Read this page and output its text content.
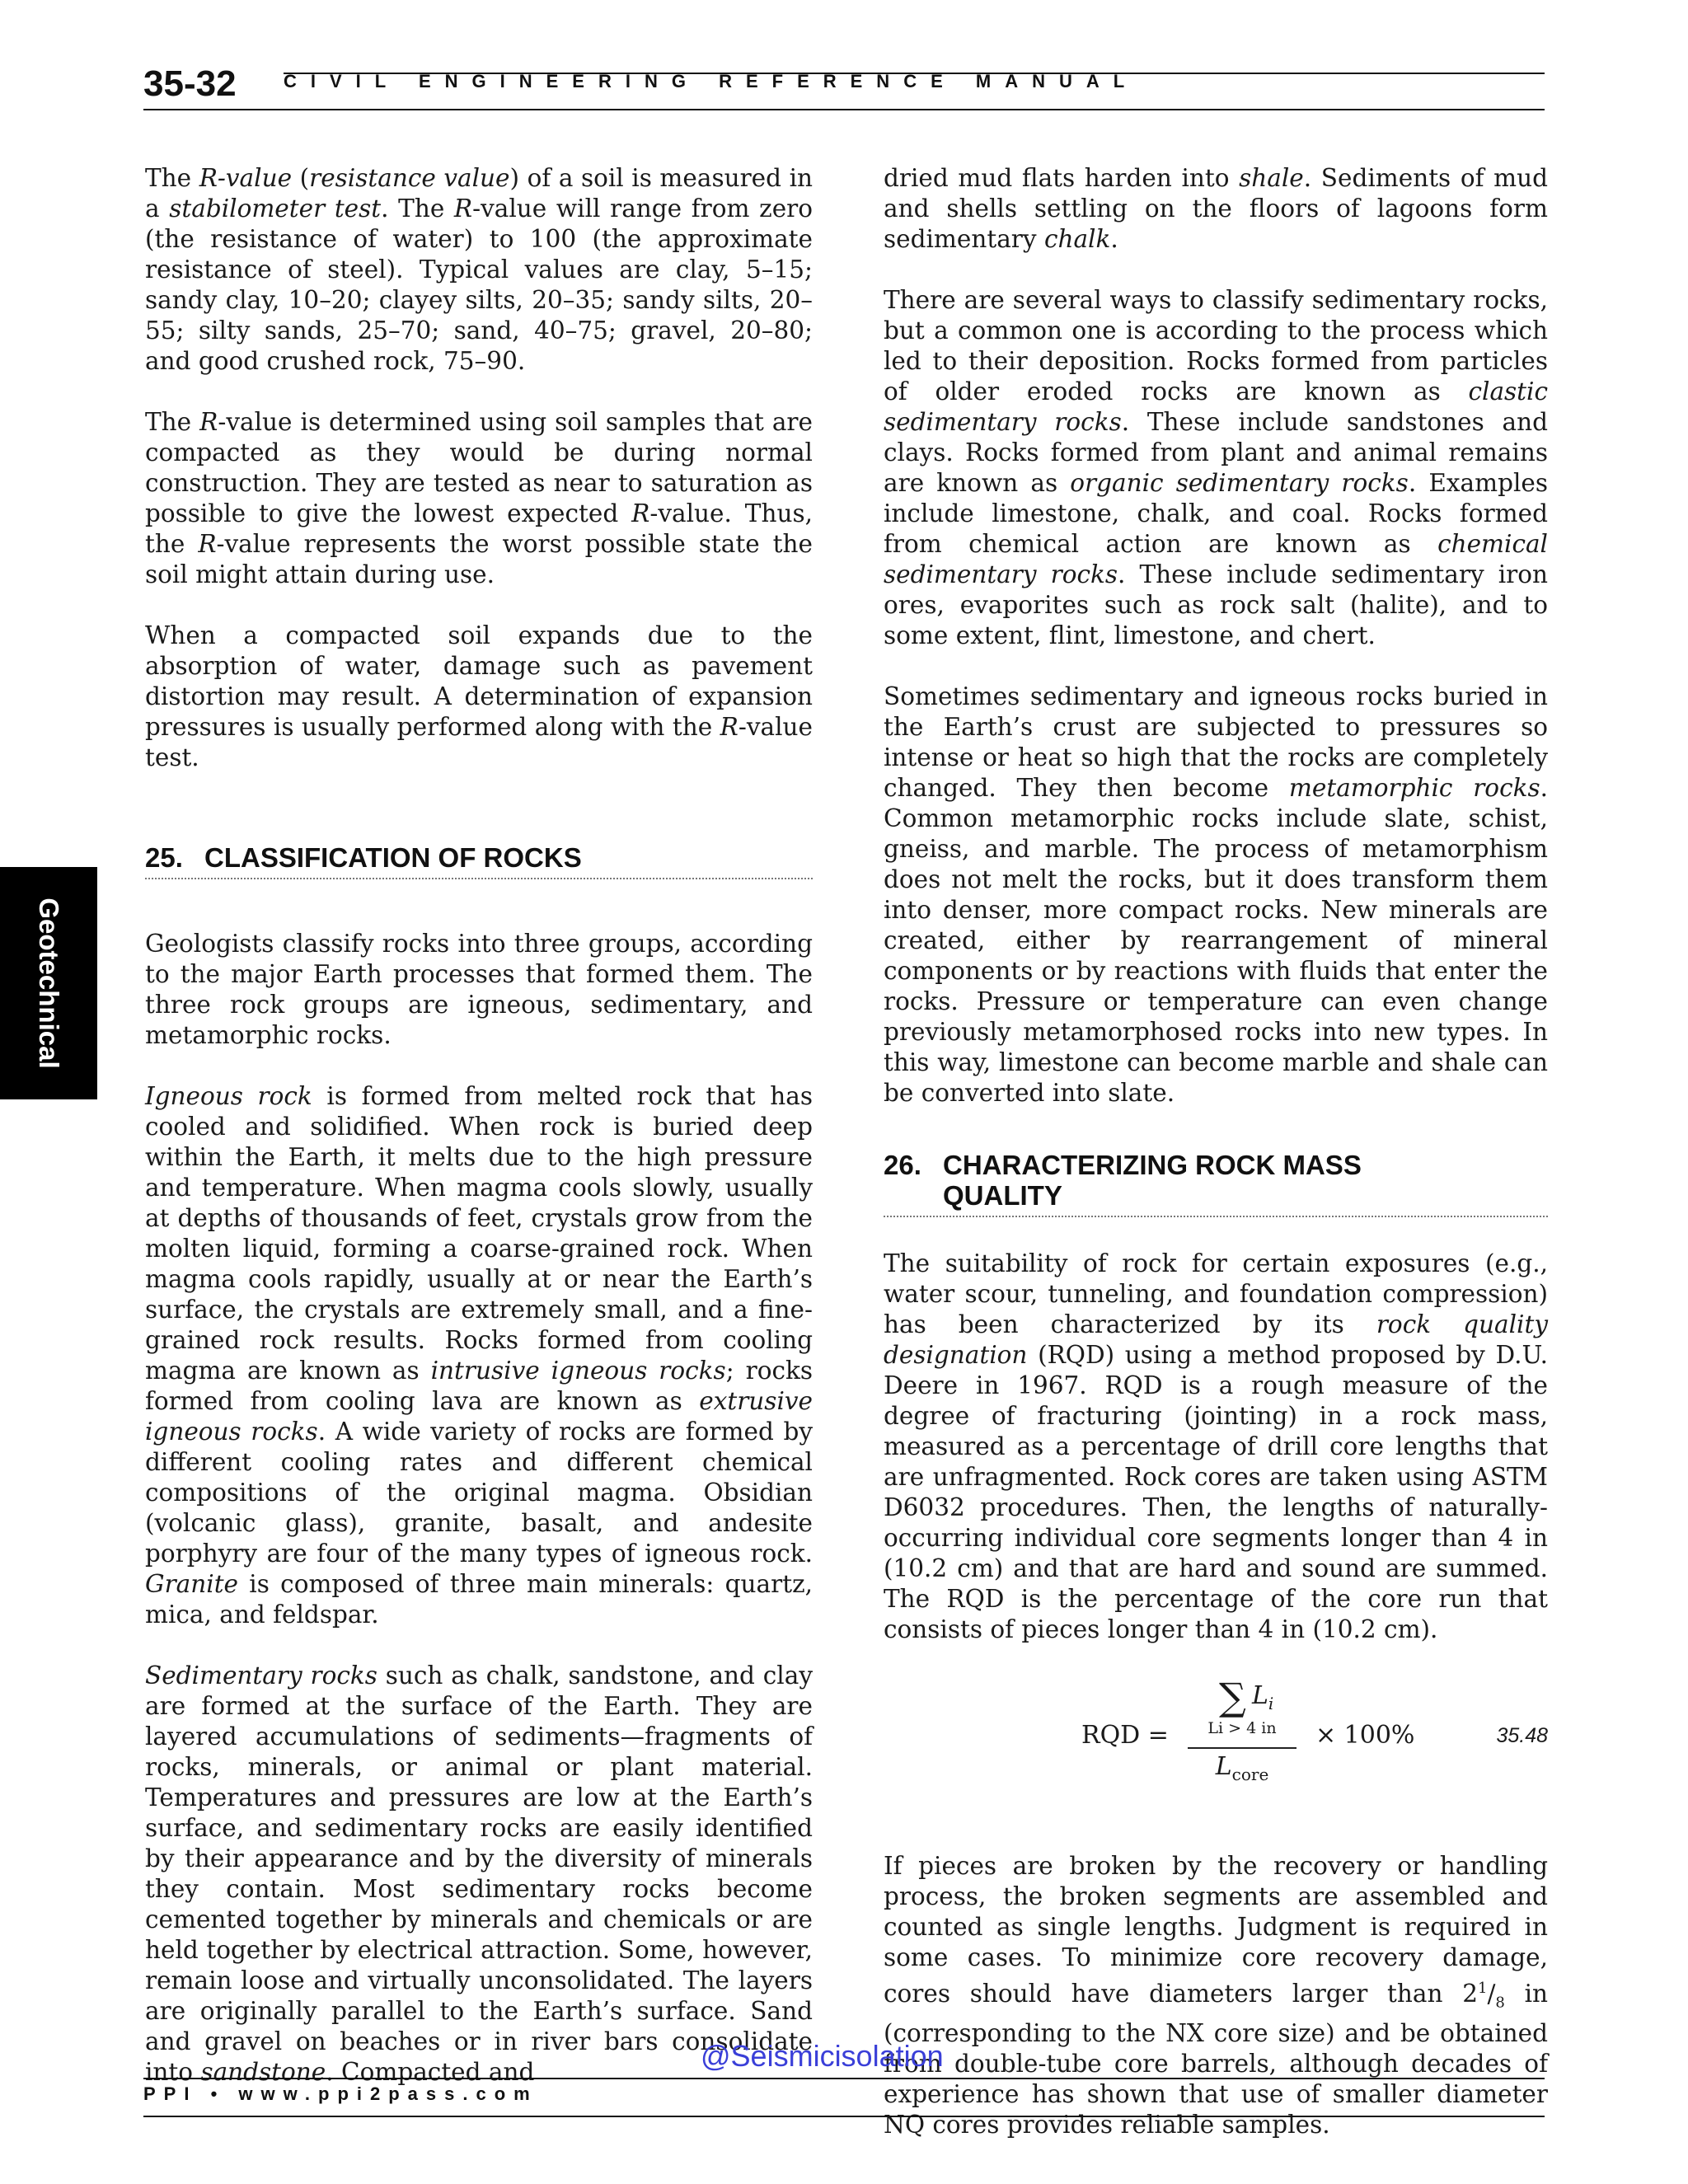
35-32	CIVIL ENGINEERING REFERENCE MANUAL
Geotechnical

The R-value (resistance value) of a soil is measured in a stabilometer test. The R-value will range from zero (the resistance of water) to 100 (the approximate resistance of steel). Typical values are clay, 5–15; sandy clay, 10–20; clayey silts, 20–35; sandy silts, 20–55; silty sands, 25–70; sand, 40–75; gravel, 20–80; and good crushed rock, 75–90.

The R-value is determined using soil samples that are compacted as they would be during normal construction. They are tested as near to saturation as possible to give the lowest expected R-value. Thus, the R-value represents the worst possible state the soil might attain during use.

When a compacted soil expands due to the absorption of water, damage such as pavement distortion may result. A determination of expansion pressures is usually performed along with the R-value test.

25. CLASSIFICATION OF ROCKS

Geologists classify rocks into three groups, according to the major Earth processes that formed them. The three rock groups are igneous, sedimentary, and metamorphic rocks.

Igneous rock is formed from melted rock that has cooled and solidified. When rock is buried deep within the Earth, it melts due to the high pressure and temperature. When magma cools slowly, usually at depths of thousands of feet, crystals grow from the molten liquid, forming a coarse-grained rock. When magma cools rapidly, usually at or near the Earth’s surface, the crystals are extremely small, and a fine-grained rock results. Rocks formed from cooling magma are known as intrusive igneous rocks; rocks formed from cooling lava are known as extrusive igneous rocks. A wide variety of rocks are formed by different cooling rates and different chemical compositions of the original magma. Obsidian (volcanic glass), granite, basalt, and andesite porphyry are four of the many types of igneous rock. Granite is composed of three main minerals: quartz, mica, and feldspar.

Sedimentary rocks such as chalk, sandstone, and clay are formed at the surface of the Earth. They are layered accumulations of sediments—fragments of rocks, minerals, or animal or plant material. Temperatures and pressures are low at the Earth’s surface, and sedimentary rocks are easily identified by their appearance and by the diversity of minerals they contain. Most sedimentary rocks become cemented together by minerals and chemicals or are held together by electrical attraction. Some, however, remain loose and virtually unconsolidated. The layers are originally parallel to the Earth’s surface. Sand and gravel on beaches or in river bars consolidate into sandstone. Compacted and

dried mud flats harden into shale. Sediments of mud and shells settling on the floors of lagoons form sedimentary chalk.

There are several ways to classify sedimentary rocks, but a common one is according to the process which led to their deposition. Rocks formed from particles of older eroded rocks are known as clastic sedimentary rocks. These include sandstones and clays. Rocks formed from plant and animal remains are known as organic sedimentary rocks. Examples include limestone, chalk, and coal. Rocks formed from chemical action are known as chemical sedimentary rocks. These include sedimentary iron ores, evaporites such as rock salt (halite), and to some extent, flint, limestone, and chert.

Sometimes sedimentary and igneous rocks buried in the Earth’s crust are subjected to pressures so intense or heat so high that the rocks are completely changed. They then become metamorphic rocks. Common metamorphic rocks include slate, schist, gneiss, and marble. The process of metamorphism does not melt the rocks, but it does transform them into denser, more compact rocks. New minerals are created, either by rearrangement of mineral components or by reactions with fluids that enter the rocks. Pressure or temperature can even change previously metamorphosed rocks into new types. In this way, limestone can become marble and shale can be converted into slate.

26. CHARACTERIZING ROCK MASS
QUALITY

The suitability of rock for certain exposures (e.g., water scour, tunneling, and foundation compression) has been characterized by its rock quality designation (RQD) using a method proposed by D.U. Deere in 1967. RQD is a rough measure of the degree of fracturing (jointing) in a rock mass, measured as a percentage of drill core lengths that are unfragmented. Rock cores are taken using ASTM D6032 procedures. Then, the lengths of naturally-occurring individual core segments longer than 4 in (10.2 cm) and that are hard and sound are summed. The RQD is the percentage of the core run that consists of pieces longer than 4 in (10.2 cm).

RQD =
∑ $L_i$
Li > 4 in
$L_{core}$
× 100%	35.48

If pieces are broken by the recovery or handling process, the broken segments are assembled and counted as single lengths. Judgment is required in some cases. To minimize core recovery damage, cores should have diameters larger than $2^1/_8$ in (corresponding to the NX core size) and be obtained from double-tube core barrels, although decades of experience has shown that use of smaller diameter NQ cores provides reliable samples.

@Seismicisolation
PPI • www.ppi2pass.com
